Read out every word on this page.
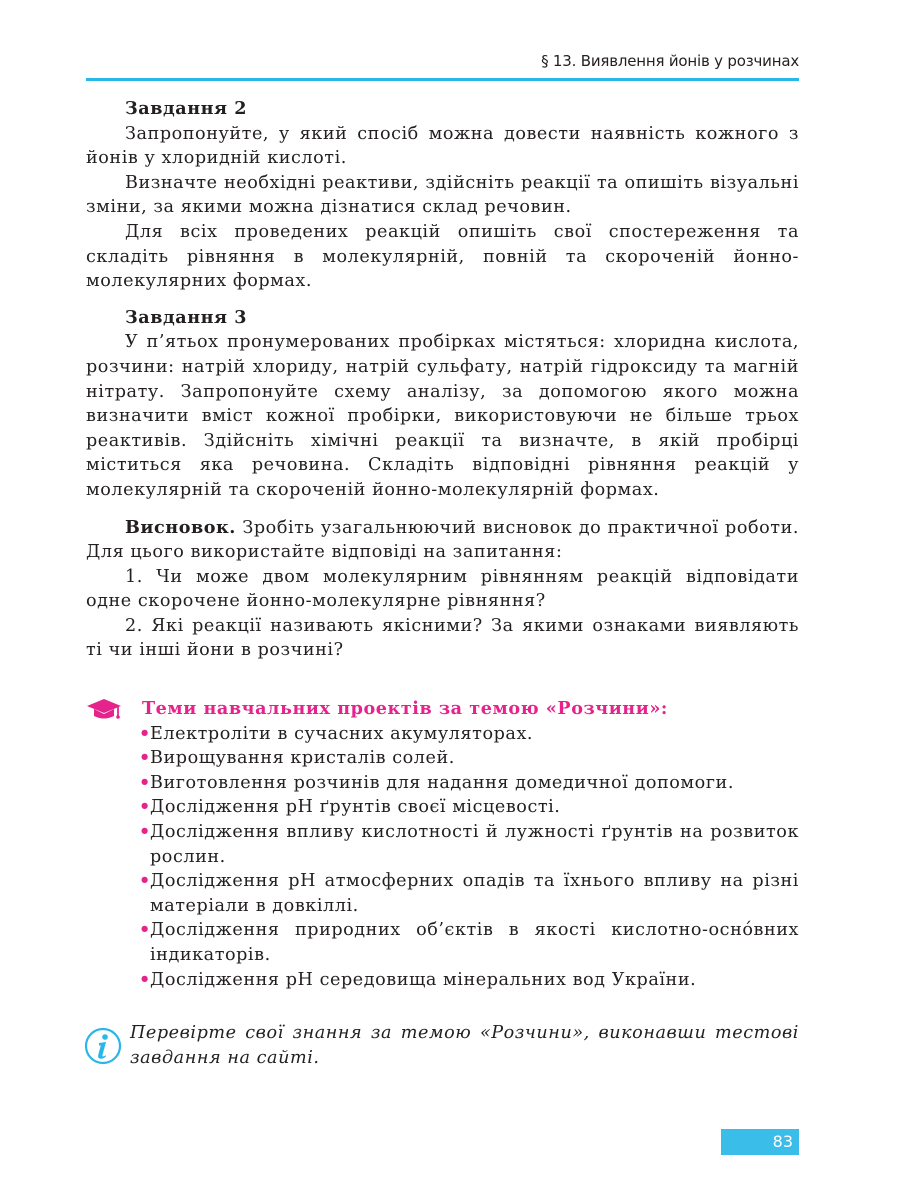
§ 13. Виявлення йонів у розчинах

Завдання 2

Запропонуйте, у який спосіб можна довести наявність кожного з йонів у хлоридній кислоті.

Визначте необхідні реактиви, здійсніть реакції та опишіть візуальні зміни, за якими можна дізнатися склад речовин.

Для всіх проведених реакцій опишіть свої спостереження та складіть рівняння в молекулярній, повній та скороченій йонно-молекулярних формах.

Завдання 3

У п’ятьох пронумерованих пробірках містяться: хлоридна кислота, розчини: натрій хлориду, натрій сульфату, натрій гідроксиду та магній нітрату. Запропонуйте схему аналізу, за допомогою якого можна визначити вміст кожної пробірки, використовуючи не більше трьох реактивів. Здійсніть хімічні реакції та визначте, в якій пробірці міститься яка речовина. Складіть відповідні рівняння реакцій у молекулярній та скороченій йонно-молекулярній формах.

Висновок. Зробіть узагальнюючий висновок до практичної роботи. Для цього використайте відповіді на запитання:

1. Чи може двом молекулярним рівнянням реакцій відповідати одне скорочене йонно-молекулярне рівняння?

2. Які реакції називають якісними? За якими ознаками виявляють ті чи інші йони в розчині?

Теми навчальних проектів за темою «Розчини»:
• Електроліти в сучасних акумуляторах.
• Вирощування кристалів солей.
• Виготовлення розчинів для надання домедичної допомоги.
• Дослідження pH ґрунтів своєї місцевості.
• Дослідження впливу кислотності й лужності ґрунтів на розвиток рослин.
• Дослідження pH атмосферних опадів та їхнього впливу на різні матеріали в довкіллі.
• Дослідження природних об’єктів в якості кислотно-оснóвних індикаторів.
• Дослідження pH середовища мінеральних вод України.
Перевірте свої знання за темою «Розчини», виконавши тестові завдання на сайті.
83
